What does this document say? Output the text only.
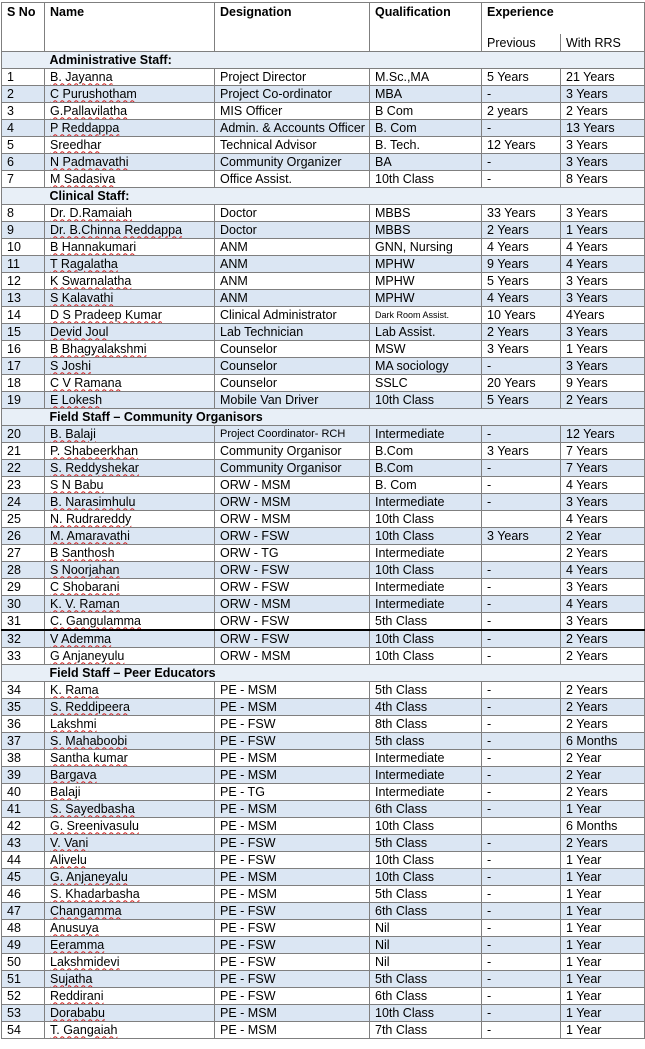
S No	Name	Designation	Qualification	Experience	
				Previous	With RRS
	Administrative Staff:				
1	B. Jayanna	Project Director	M.Sc.,MA	5 Years	21 Years
2	C Purushotham	Project Co-ordinator	MBA	-	3 Years
3	G.Pallavilatha	MIS Officer	B Com	2 years	2 Years
4	P Reddappa	Admin. & Accounts Officer	B. Com	-	13 Years
5	Sreedhar	Technical Advisor	B. Tech.	12 Years	3 Years
6	N Padmavathi	Community Organizer	BA	-	3 Years
7	M Sadasiva	Office Assist.	10th Class	-	8 Years
	Clinical Staff:				
8	Dr. D.Ramaiah	Doctor	MBBS	33 Years	3 Years
9	Dr. B.Chinna Reddappa	Doctor	MBBS	2 Years	1 Years
10	B Hannakumari	ANM	GNN, Nursing	4 Years	4 Years
11	T Ragalatha	ANM	MPHW	9 Years	4 Years
12	K Swarnalatha	ANM	MPHW	5 Years	3 Years
13	S Kalavathi	ANM	MPHW	4 Years	3 Years
14	D S Pradeep Kumar	Clinical Administrator	Dark Room Assist.	10 Years	4Years
15	Devid Joul	Lab Technician	Lab Assist.	2 Years	3 Years
16	B Bhagyalakshmi	Counselor	MSW	3 Years	1 Years
17	S Joshi	Counselor	MA sociology	-	3 Years
18	C V Ramana	Counselor	SSLC	20 Years	9 Years
19	E Lokesh	Mobile Van Driver	10th Class	5 Years	2 Years
	Field Staff – Community Organisors				
20	B. Balaji	Project Coordinator- RCH	Intermediate	-	12 Years
21	P. Shabeerkhan	Community Organisor	B.Com	3 Years	7 Years
22	S. Reddyshekar	Community Organisor	B.Com	-	7 Years
23	S N Babu	ORW - MSM	B. Com	-	4 Years
24	B. Narasimhulu	ORW - MSM	Intermediate	-	3 Years
25	N. Rudrareddy	ORW - MSM	10th Class		4 Years
26	M. Amaravathi	ORW - FSW	10th Class	3 Years	2 Year
27	B Santhosh	ORW - TG	Intermediate		2 Years
28	S Noorjahan	ORW - FSW	10th Class	-	4 Years
29	C Shobarani	ORW - FSW	Intermediate	-	3 Years
30	K. V. Raman	ORW - MSM	Intermediate	-	4 Years
31	C. Gangulamma	ORW - FSW	5th Class	-	3 Years
32	V Ademma	ORW - FSW	10th Class	-	2 Years
33	G Anjaneyulu	ORW - MSM	10th Class	-	2 Years
	Field Staff – Peer Educators				
34	K. Rama	PE - MSM	5th Class	-	2 Years
35	S. Reddipeera	PE - MSM	4th Class	-	2 Years
36	Lakshmi	PE - FSW	8th Class	-	2 Years
37	S. Mahaboobi	PE - FSW	5th class	-	6 Months
38	Santha kumar	PE - MSM	Intermediate	-	2 Year
39	Bargava	PE - MSM	Intermediate	-	2 Year
40	Balaji	PE - TG	Intermediate	-	2 Years
41	S. Sayedbasha	PE - MSM	6th Class	-	1 Year
42	G. Sreenivasulu	PE - MSM	10th Class		6 Months
43	V. Vani	PE - FSW	5th Class	-	2 Years
44	Alivelu	PE - FSW	10th Class	-	1 Year
45	G. Anjaneyalu	PE - MSM	10th Class	-	1 Year
46	S. Khadarbasha	PE - MSM	5th Class	-	1 Year
47	Changamma	PE - FSW	6th Class	-	1 Year
48	Anusuya	PE - FSW	Nil	-	1 Year
49	Eeramma	PE - FSW	Nil	-	1 Year
50	Lakshmidevi	PE - FSW	Nil	-	1 Year
51	Sujatha	PE - FSW	5th Class	-	1 Year
52	Reddirani	PE - FSW	6th Class	-	1 Year
53	Dorababu	PE - MSM	10th Class	-	1 Year
54	T. Gangaiah	PE - MSM	7th Class	-	1 Year
